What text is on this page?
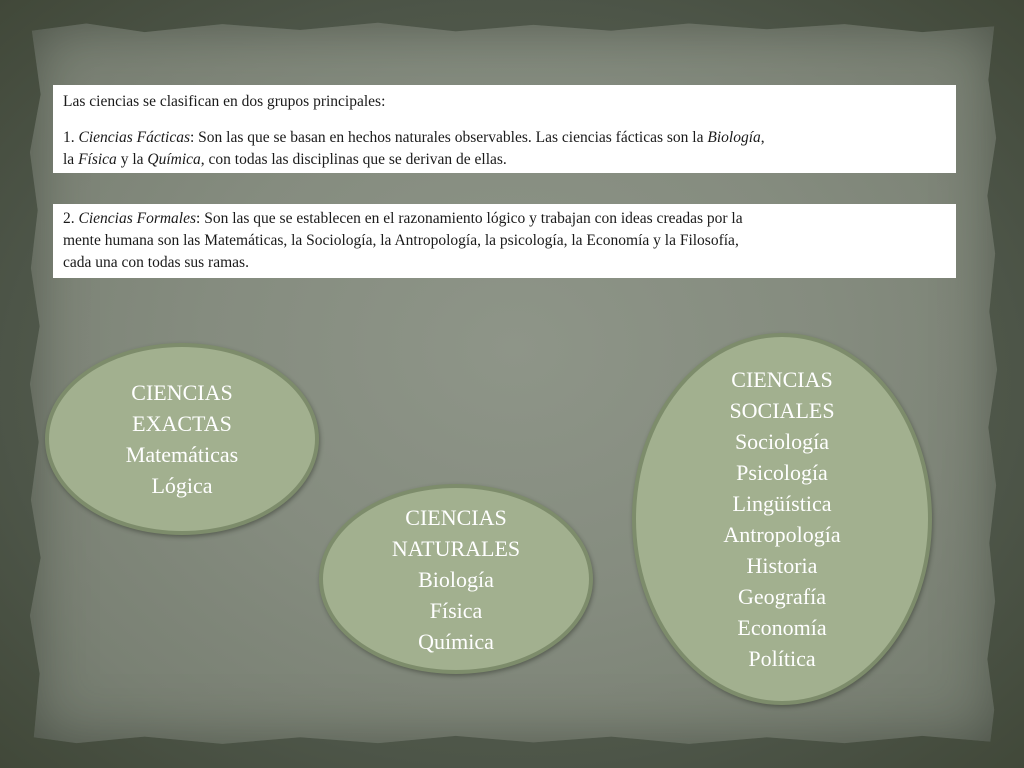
Las ciencias se clasifican en dos grupos principales:

1. Ciencias Fácticas: Son las que se basan en hechos naturales observables. Las ciencias fácticas son la Biología,
la Física y la Química, con todas las disciplinas que se derivan de ellas.

2. Ciencias Formales: Son las que se establecen en el razonamiento lógico y trabajan con ideas creadas por la
mente humana son las Matemáticas, la Sociología, la Antropología, la psicología, la Economía y la Filosofía,
cada una con todas sus ramas.

CIENCIAS
EXACTAS
Matemáticas
Lógica
CIENCIAS
NATURALES
Biología
Física
Química
CIENCIAS
SOCIALES
Sociología
Psicología
Lingüística
Antropología
Historia
Geografía
Economía
Política
